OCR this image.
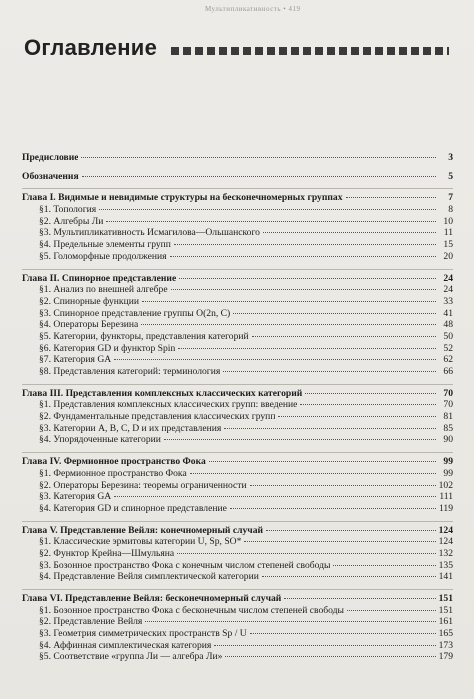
Мультипликативность • 419
Оглавление
Предисловие	3
Обозначения	5
Глава I. Видимые и невидимые структуры на бесконечномерных группах	7
§1. Топология	8
§2. Алгебры Ли	10
§3. Мультипликативность Исмагилова—Ольшанского	11
§4. Предельные элементы групп	15
§5. Голоморфные продолжения	20
Глава II. Спинорное представление	24
§1. Анализ по внешней алгебре	24
§2. Спинорные функции	33
§3. Спинорное представление группы O(2n, C)	41
§4. Операторы Березина	48
§5. Категории, функторы, представления категорий	50
§6. Категория GD и функтор Spin	52
§7. Категория GA	62
§8. Представления категорий: терминология	66
Глава III. Представления комплексных классических категорий	70
§1. Представления комплексных классических групп: введение	70
§2. Фундаментальные представления классических групп	81
§3. Категории A, B, C, D и их представления	85
§4. Упорядоченные категории	90
Глава IV. Фермионное пространство Фока	99
§1. Фермионное пространство Фока	99
§2. Операторы Березина: теоремы ограниченности	102
§3. Категория GA	111
§4. Категория GD и спинорное представление	119
Глава V. Представление Вейля: конечномерный случай	124
§1. Классические эрмитовы категории U, Sp, SO*	124
§2. Функтор Крейна—Шмульяна	132
§3. Бозонное пространство Фока с конечным числом степеней свободы	135
§4. Представление Вейля симплектической категории	141
Глава VI. Представление Вейля: бесконечномерный случай	151
§1. Бозонное пространство Фока с бесконечным числом степеней свободы	151
§2. Представление Вейля	161
§3. Геометрия симметрических пространств Sp / U	165
§4. Аффинная симплектическая категория	173
§5. Соответствие «группа Ли — алгебра Ли»	179
